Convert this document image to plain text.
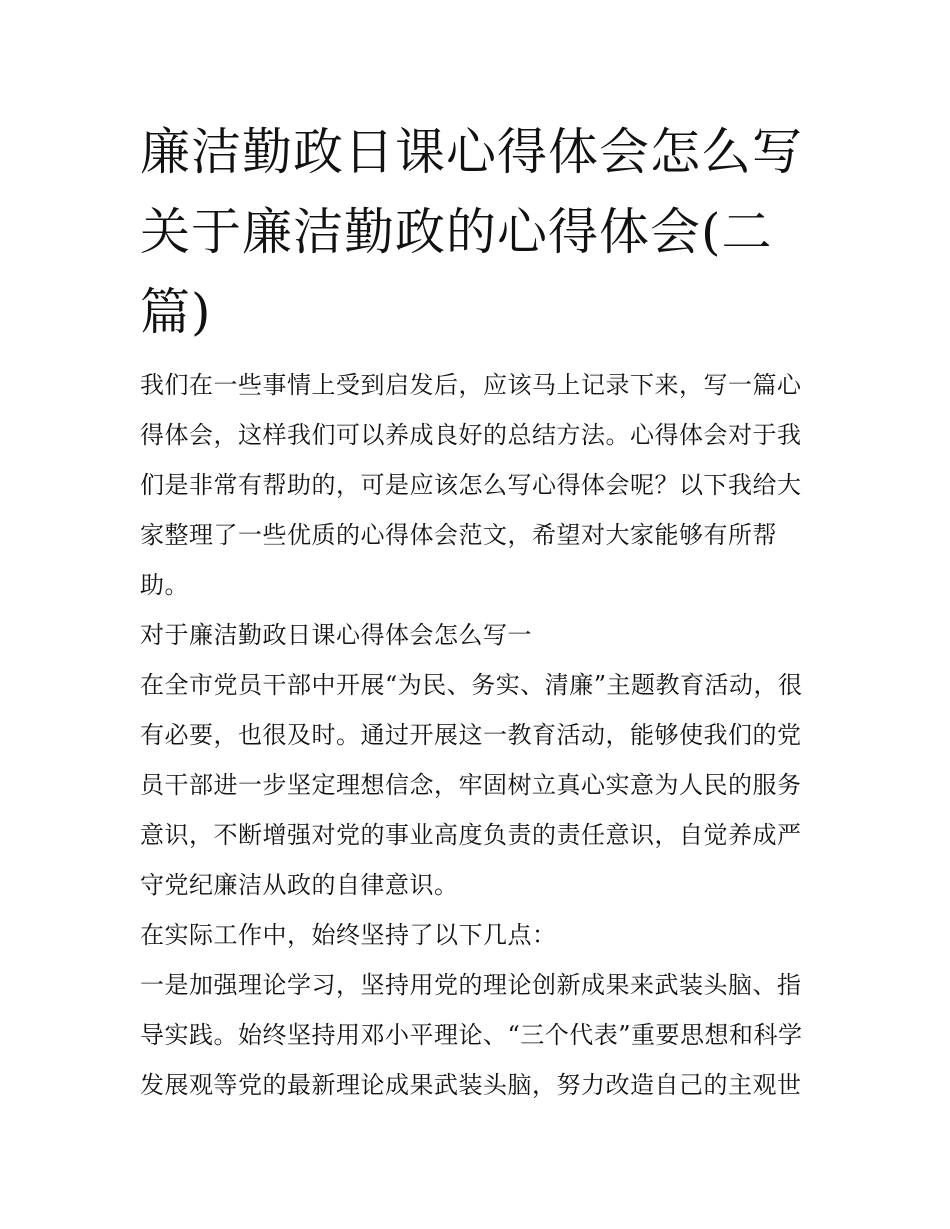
廉洁勤政日课心得体会怎么写关于廉洁勤政的心得体会(二篇)

我们在一些事情上受到启发后，应该马上记录下来，写一篇心得体会，这样我们可以养成良好的总结方法。心得体会对于我们是非常有帮助的，可是应该怎么写心得体会呢？以下我给大家整理了一些优质的心得体会范文，希望对大家能够有所帮助。

对于廉洁勤政日课心得体会怎么写一

在全市党员干部中开展“为民、务实、清廉”主题教育活动，很有必要，也很及时。通过开展这一教育活动，能够使我们的党员干部进一步坚定理想信念，牢固树立真心实意为人民的服务意识，不断增强对党的事业高度负责的责任意识，自觉养成严守党纪廉洁从政的自律意识。

在实际工作中，始终坚持了以下几点：

一是加强理论学习，坚持用党的理论创新成果来武装头脑、指导实践。始终坚持用邓小平理论、“三个代表”重要思想和科学发展观等党的最新理论成果武装头脑，努力改造自己的主观世
